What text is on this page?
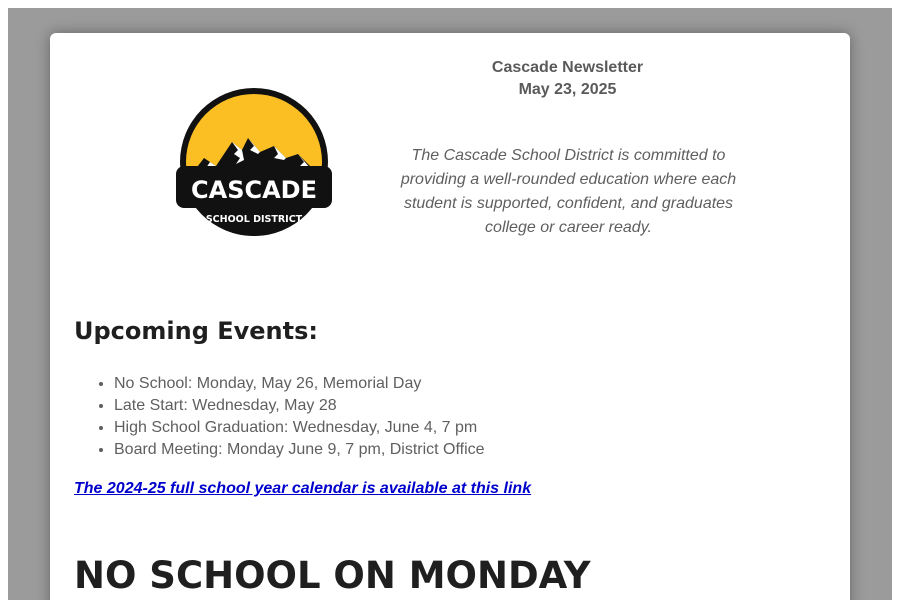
CASCADE
SCHOOL DISTRICT
Cascade Newsletter
May 23, 2025
The Cascade School District is committed to providing a well-rounded education where each student is supported, confident, and graduates college or career ready.
Upcoming Events:
• No School: Monday, May 26, Memorial Day
• Late Start: Wednesday, May 28
• High School Graduation: Wednesday, June 4, 7 pm
• Board Meeting: Monday June 9, 7 pm, District Office
The 2024-25 full school year calendar is available at this link
NO SCHOOL ON MONDAY
